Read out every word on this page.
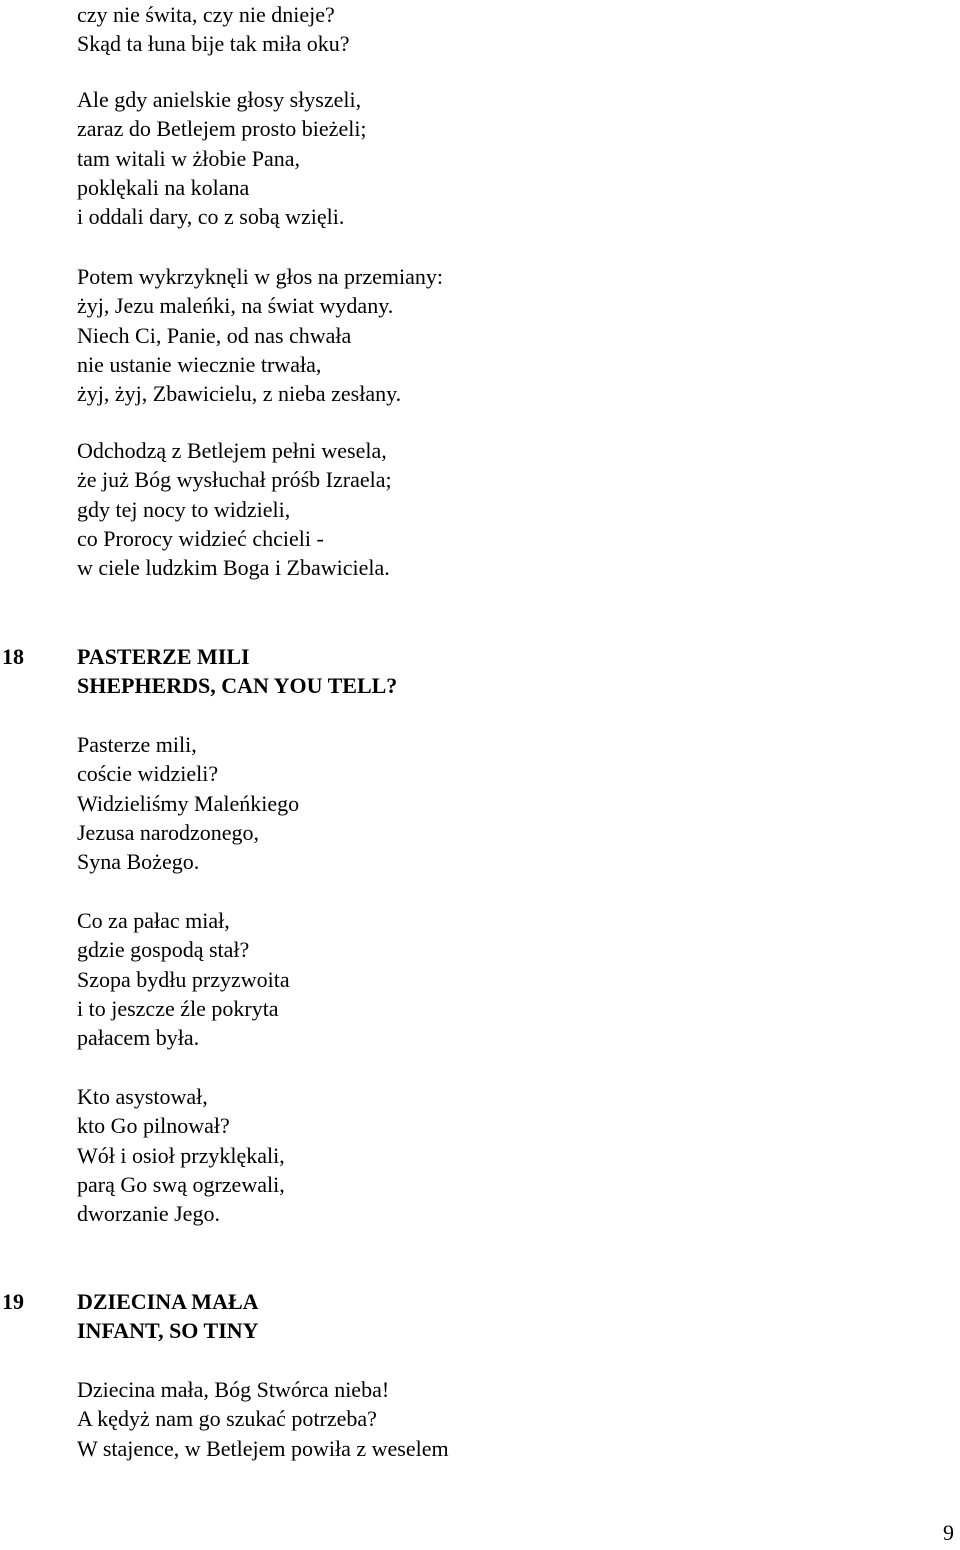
czy nie świta, czy nie dnieje?
Skąd ta łuna bije tak miła oku?
Ale gdy anielskie głosy słyszeli,
zaraz do Betlejem prosto bieżeli;
tam witali w żłobie Pana,
poklękali na kolana
i oddali dary, co z sobą wzięli.
Potem wykrzyknęli w głos na przemiany:
żyj, Jezu maleńki, na świat wydany.
Niech Ci, Panie, od nas chwała
nie ustanie wiecznie trwała,
żyj, żyj, Zbawicielu, z nieba zesłany.
Odchodzą z Betlejem pełni wesela,
że już Bóg wysłuchał próśb Izraela;
gdy tej nocy to widzieli,
co Prorocy widzieć chcieli -
w ciele ludzkim Boga i Zbawiciela.
18 PASTERZE MILI
SHEPHERDS, CAN YOU TELL?
Pasterze mili,
coście widzieli?
Widzieliśmy Maleńkiego
Jezusa narodzonego,
Syna Bożego.
Co za pałac miał,
gdzie gospodą stał?
Szopa bydłu przyzwoita
i to jeszcze źle pokryta
pałacem była.
Kto asystował,
kto Go pilnował?
Wół i osioł przyklękali,
parą Go swą ogrzewali,
dworzanie Jego.
19 DZIECINA MAŁA
INFANT, SO TINY
Dziecina mała, Bóg Stwórca nieba!
A kędyż nam go szukać potrzeba?
W stajence, w Betlejem powiła z weselem
9
